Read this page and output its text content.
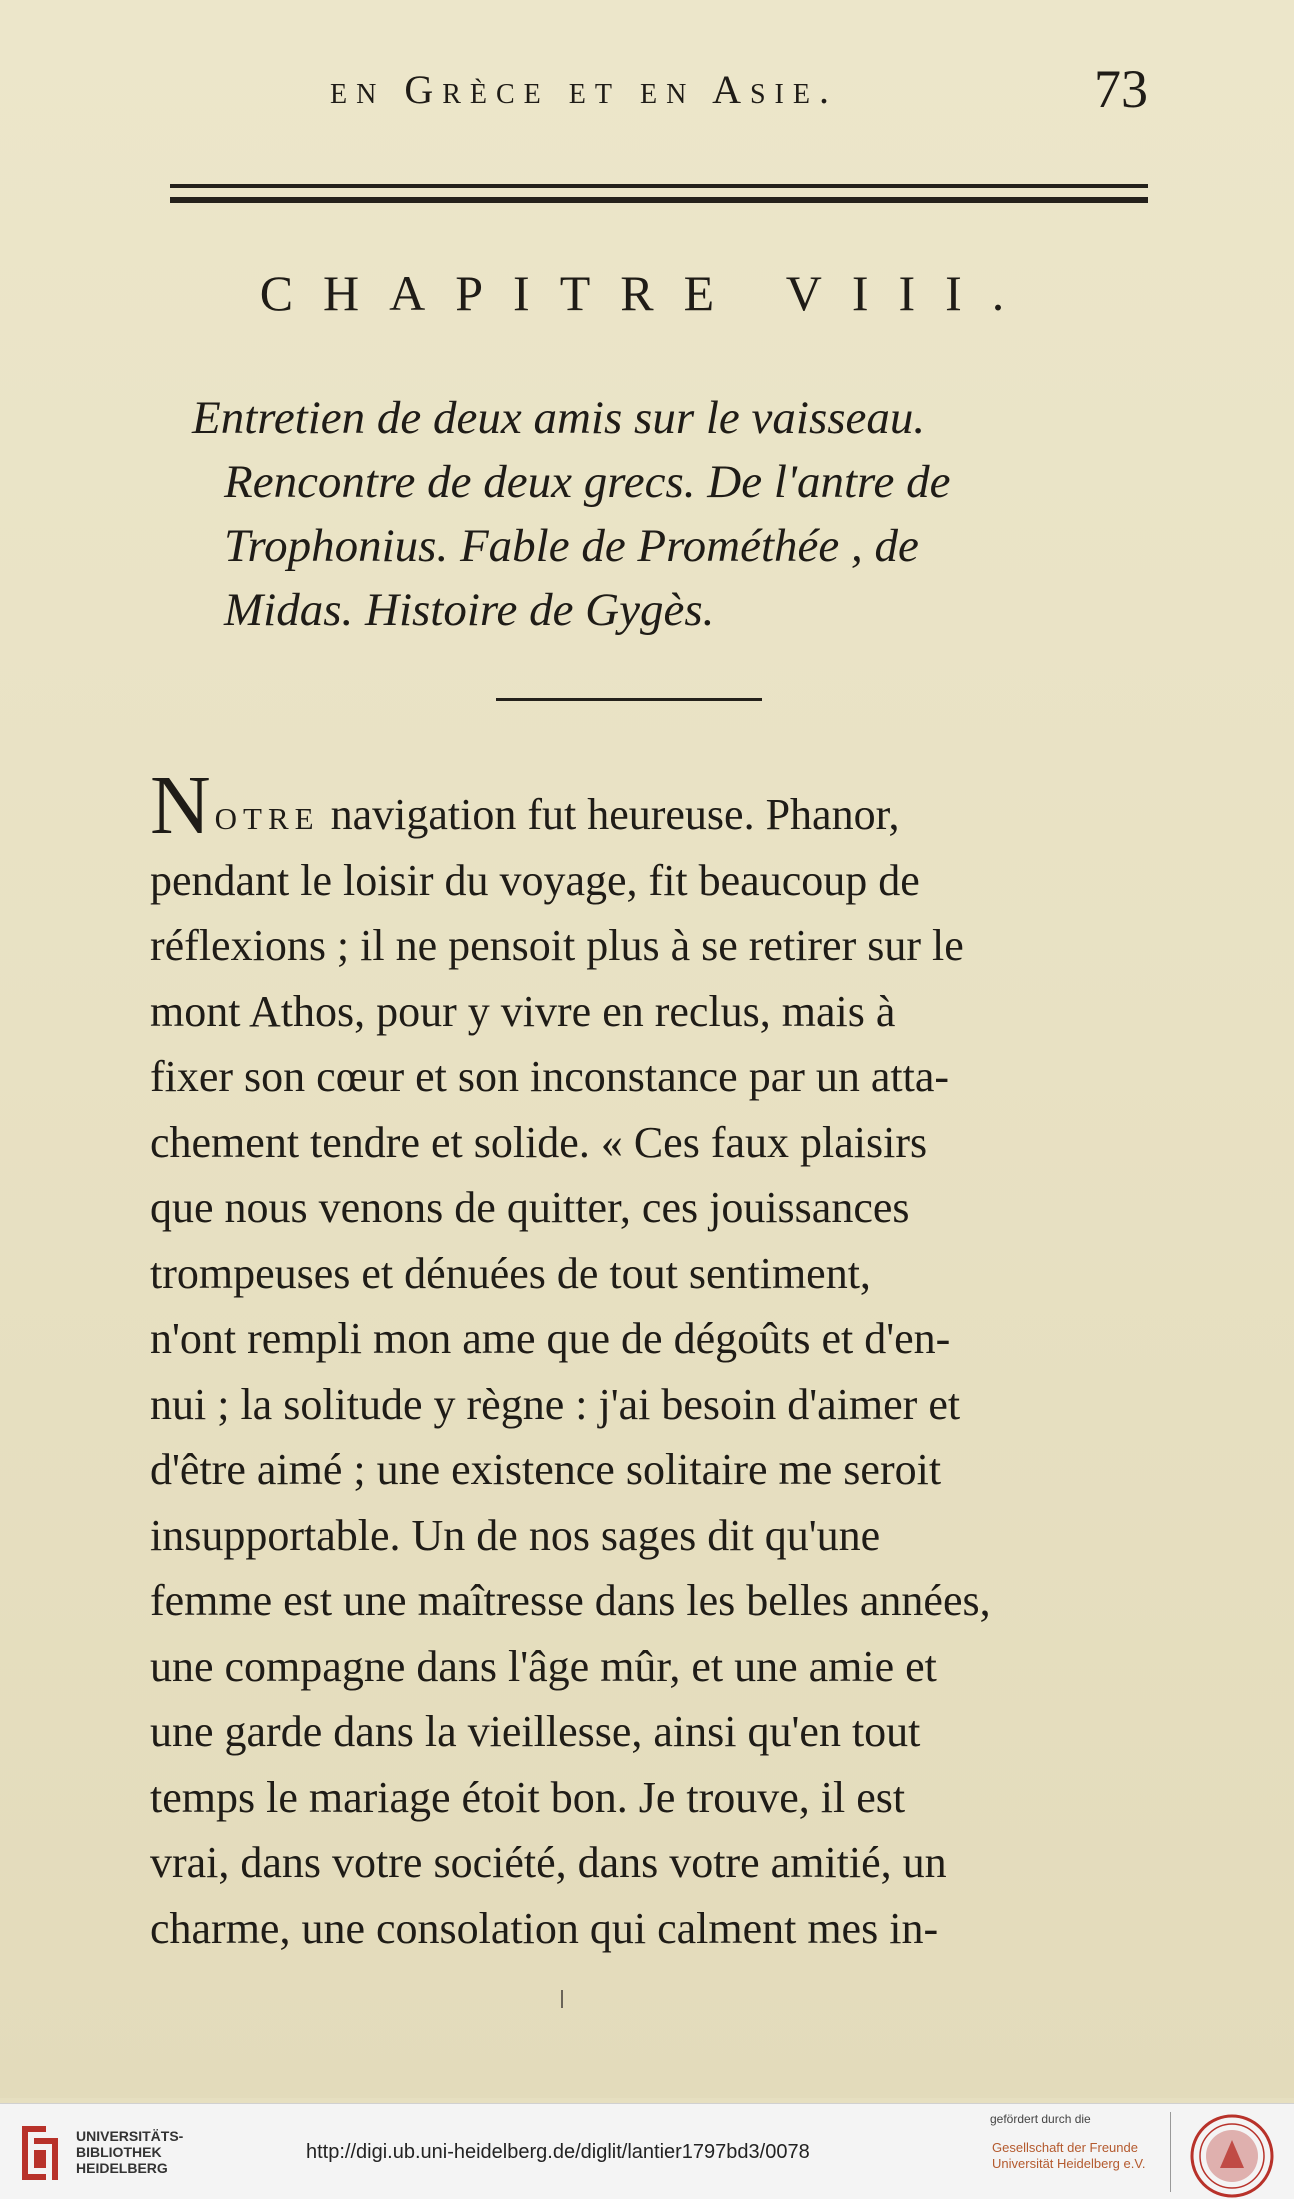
en Grèce et en Asie.	73
CHAPITRE VIII.
Entretien de deux amis sur le vaisseau.
Rencontre de deux grecs. De l'antre de
Trophonius. Fable de Prométhée , de
Midas. Histoire de Gygès.
Notre navigation fut heureuse. Phanor,
pendant le loisir du voyage, fit beaucoup de
réflexions ; il ne pensoit plus à se retirer sur le
mont Athos, pour y vivre en reclus, mais à
fixer son cœur et son inconstance par un atta-
chement tendre et solide. « Ces faux plaisirs
que nous venons de quitter, ces jouissances
trompeuses et dénuées de tout sentiment,
n'ont rempli mon ame que de dégoûts et d'en-
nui ; la solitude y règne : j'ai besoin d'aimer et
d'être aimé ; une existence solitaire me seroit
insupportable. Un de nos sages dit qu'une
femme est une maîtresse dans les belles années,
une compagne dans l'âge mûr, et une amie et
une garde dans la vieillesse, ainsi qu'en tout
temps le mariage étoit bon. Je trouve, il est
vrai, dans votre société, dans votre amitié, un
charme, une consolation qui calment mes in-
UNIVERSITÄTS-
BIBLIOTHEK
HEIDELBERG
http://digi.ub.uni-heidelberg.de/diglit/lantier1797bd3/0078
gefördert durch die
Gesellschaft der Freunde
Universität Heidelberg e.V.
